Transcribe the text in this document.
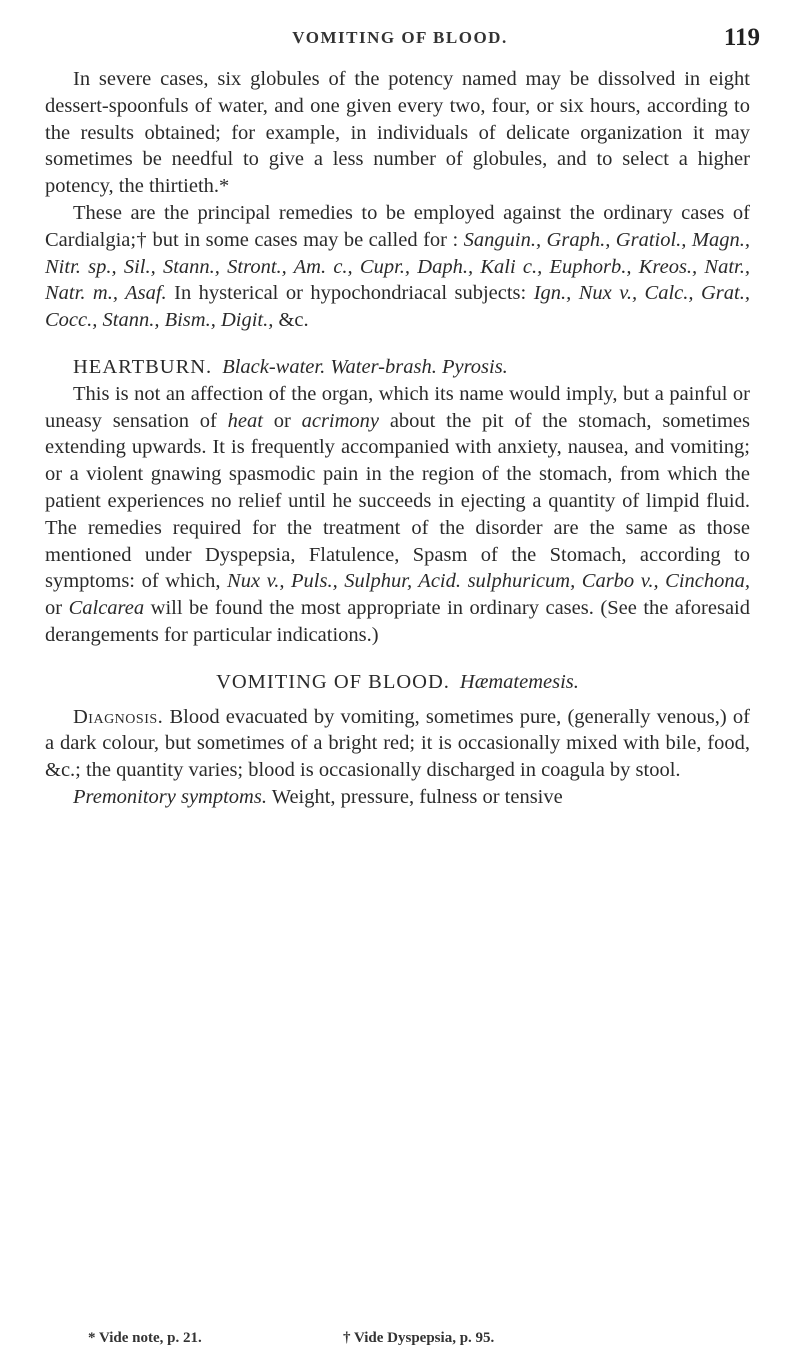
VOMITING OF BLOOD.	119

In severe cases, six globules of the potency named may be dissolved in eight dessert-spoonfuls of water, and one given every two, four, or six hours, according to the results obtained; for example, in individuals of delicate organization it may sometimes be needful to give a less number of globules, and to select a higher potency, the thirtieth.*

These are the principal remedies to be employed against the ordinary cases of Cardialgia;† but in some cases may be called for : Sanguin., Graph., Gratiol., Magn., Nitr. sp., Sil., Stann., Stront., Am. c., Cupr., Daph., Kali c., Euphorb., Kreos., Natr., Natr. m., Asaf. In hysterical or hypochondriacal subjects: Ign., Nux v., Calc., Grat., Cocc., Stann., Bism., Digit., &c.

HEARTBURN. Black-water. Water-brash. Pyrosis.

This is not an affection of the organ, which its name would imply, but a painful or uneasy sensation of heat or acrimony about the pit of the stomach, sometimes extending upwards. It is frequently accompanied with anxiety, nausea, and vomiting; or a violent gnawing spasmodic pain in the region of the stomach, from which the patient experiences no relief until he succeeds in ejecting a quantity of limpid fluid. The remedies required for the treatment of the disorder are the same as those mentioned under Dyspepsia, Flatulence, Spasm of the Stomach, according to symptoms: of which, Nux v., Puls., Sulphur, Acid. sulphuricum, Carbo v., Cinchona, or Calcarea will be found the most appropriate in ordinary cases. (See the aforesaid derangements for particular indications.)

VOMITING OF BLOOD. Hæmatemesis.

Diagnosis. Blood evacuated by vomiting, sometimes pure, (generally venous,) of a dark colour, but sometimes of a bright red; it is occasionally mixed with bile, food, &c.; the quantity varies; blood is occasionally discharged in coagula by stool.

Premonitory symptoms. Weight, pressure, fulness or tensive

* Vide note, p. 21.	† Vide Dyspepsia, p. 95.
